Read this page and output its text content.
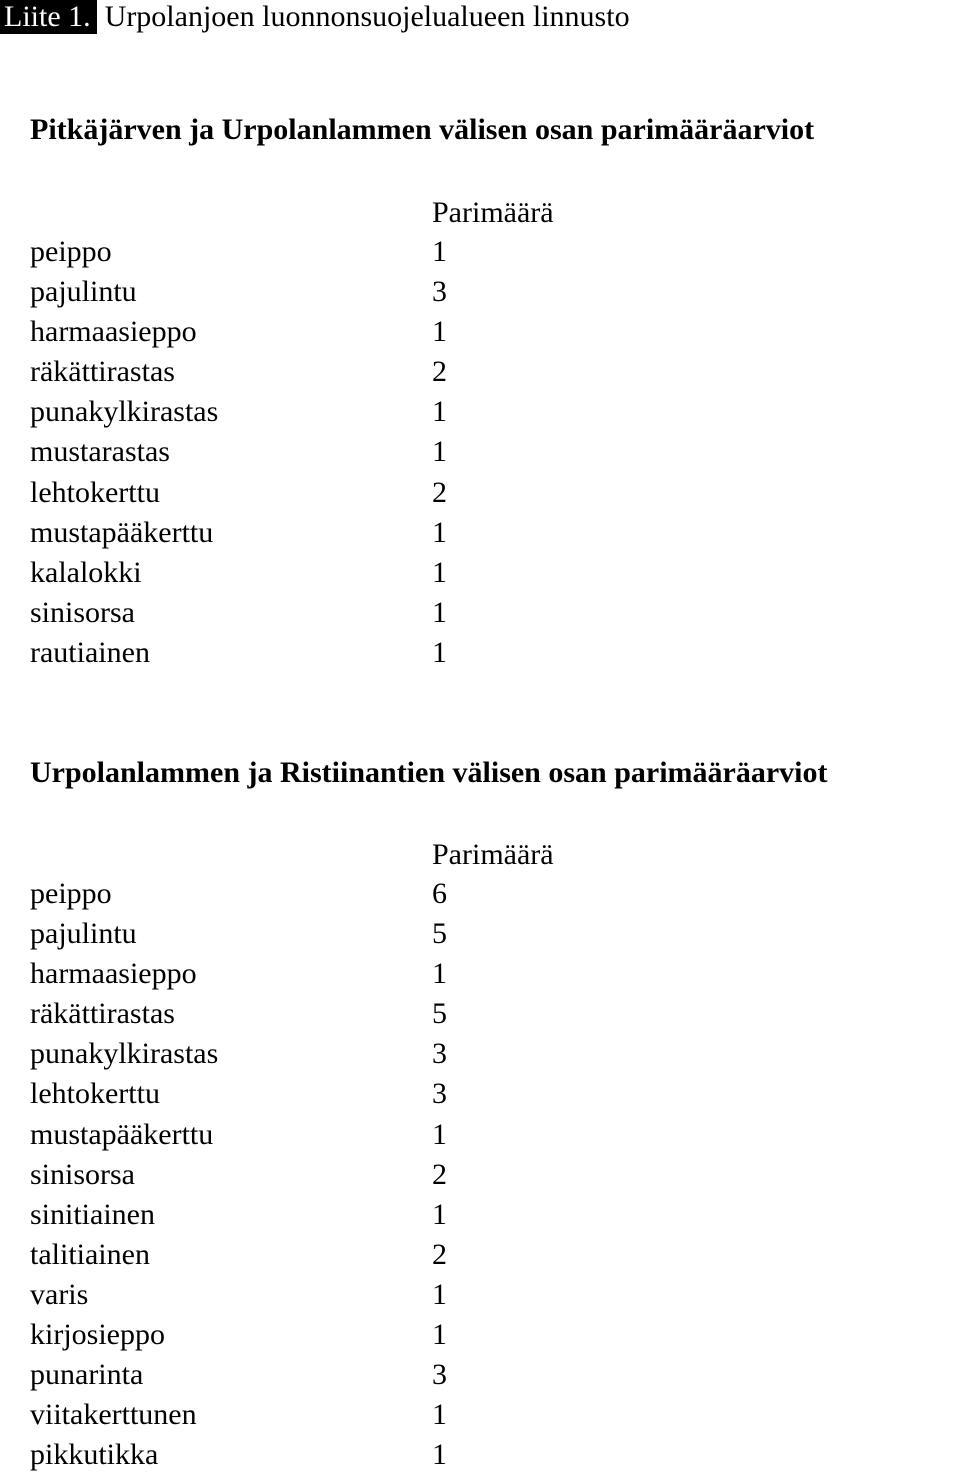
Liite 1. Urpolanjoen luonnonsuojelualueen linnusto
Pitkäjärven ja Urpolanlammen välisen osan parimääräarviot
Parimäärä
peippo	1
pajulintu	3
harmaasieppo	1
räkättirastas	2
punakylkirastas	1
mustarastas	1
lehtokerttu	2
mustapääkerttu	1
kalalokki	1
sinisorsa	1
rautiainen	1
Urpolanlammen ja Ristiinantien välisen osan parimääräarviot
Parimäärä
peippo	6
pajulintu	5
harmaasieppo	1
räkättirastas	5
punakylkirastas	3
lehtokerttu	3
mustapääkerttu	1
sinisorsa	2
sinitiainen	1
talitiainen	2
varis	1
kirjosieppo	1
punarinta	3
viitakerttunen	1
pikkutikka	1
